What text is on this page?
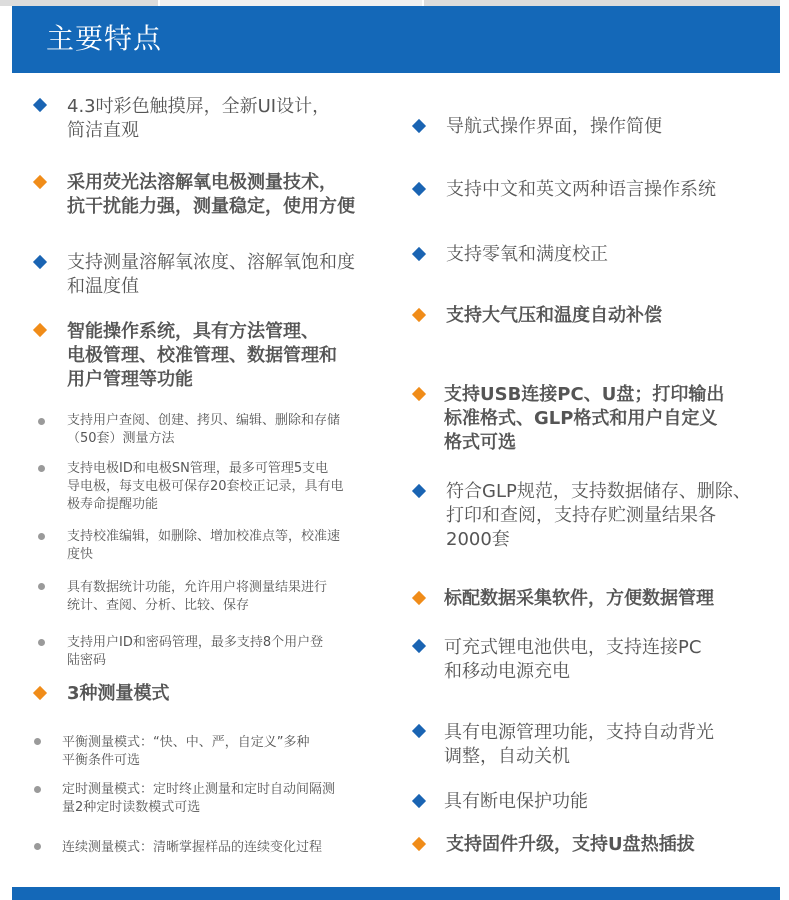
主要特点
4.3吋彩色触摸屏，全新UI设计，
简洁直观
采用荧光法溶解氧电极测量技术，
抗干扰能力强，测量稳定，使用方便
支持测量溶解氧浓度、溶解氧饱和度
和温度值
智能操作系统，具有方法管理、
电极管理、校准管理、数据管理和
用户管理等功能
支持用户查阅、创建、拷贝、编辑、删除和存储
（50套）测量方法
支持电极ID和电极SN管理，最多可管理5支电
导电极，每支电极可保存20套校正记录，具有电
极寿命提醒功能
支持校准编辑，如删除、增加校准点等，校准速
度快
具有数据统计功能，允许用户将测量结果进行
统计、查阅、分析、比较、保存
支持用户ID和密码管理，最多支持8个用户登
陆密码
3种测量模式
平衡测量模式：“快、中、严，自定义”多种
平衡条件可选
定时测量模式：定时终止测量和定时自动间隔测
量2种定时读数模式可选
连续测量模式：清晰掌握样品的连续变化过程
导航式操作界面，操作简便
支持中文和英文两种语言操作系统
支持零氧和满度校正
支持大气压和温度自动补偿
支持USB连接PC、U盘；打印输出
标准格式、GLP格式和用户自定义
格式可选
符合GLP规范，支持数据储存、删除、
打印和查阅，支持存贮测量结果各
2000套
标配数据采集软件，方便数据管理
可充式锂电池供电，支持连接PC
和移动电源充电
具有电源管理功能，支持自动背光
调整，自动关机
具有断电保护功能
支持固件升级，支持U盘热插拔
